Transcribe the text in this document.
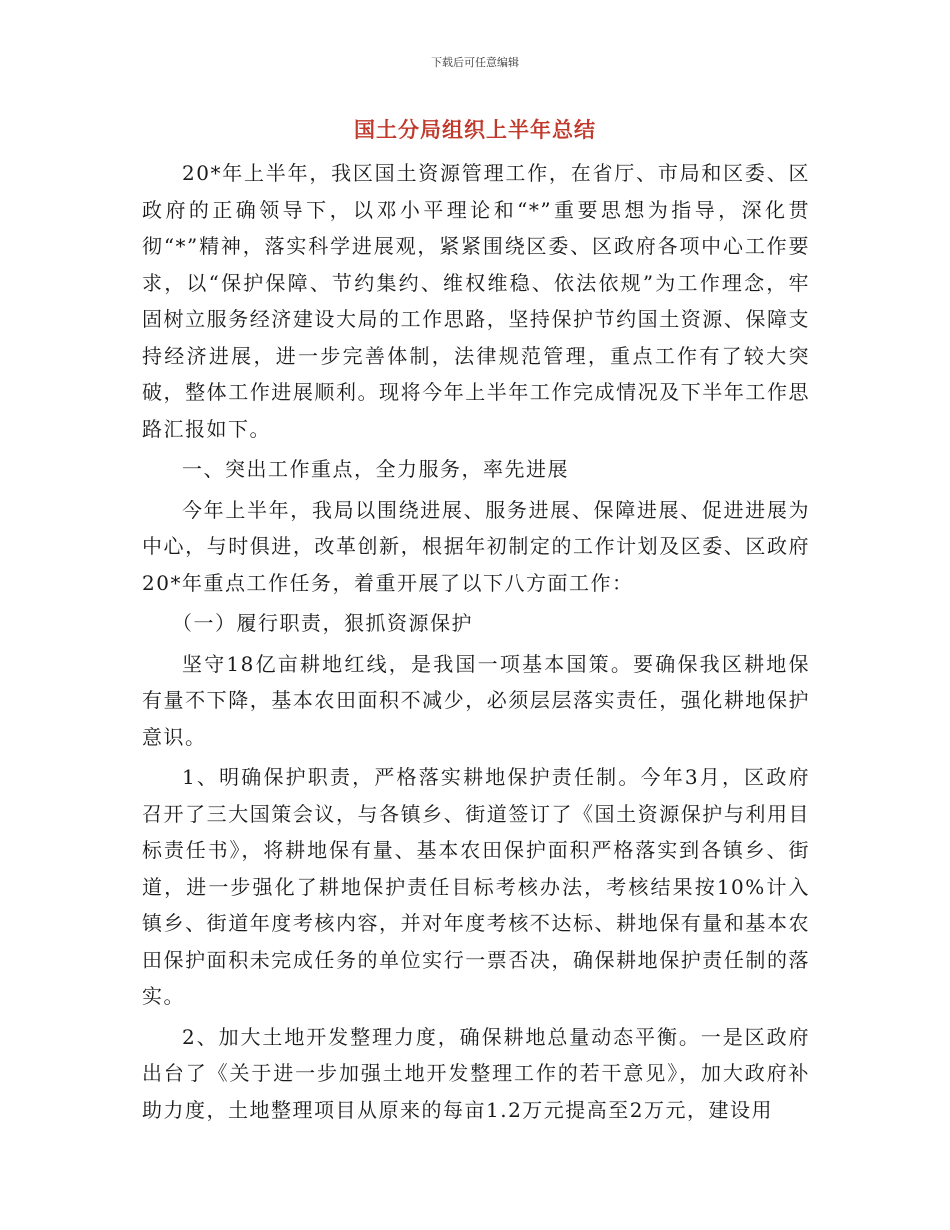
下载后可任意编辑
国土分局组织上半年总结

20*年上半年，我区国土资源管理工作，在省厅、市局和区委、区政府的正确领导下，以邓小平理论和“*”重要思想为指导，深化贯彻“*”精神，落实科学进展观，紧紧围绕区委、区政府各项中心工作要求，以“保护保障、节约集约、维权维稳、依法依规”为工作理念，牢固树立服务经济建设大局的工作思路，坚持保护节约国土资源、保障支持经济进展，进一步完善体制，法律规范管理，重点工作有了较大突破，整体工作进展顺利。现将今年上半年工作完成情况及下半年工作思路汇报如下。

一、突出工作重点，全力服务，率先进展

今年上半年，我局以围绕进展、服务进展、保障进展、促进进展为中心，与时俱进，改革创新，根据年初制定的工作计划及区委、区政府20*年重点工作任务，着重开展了以下八方面工作：

（一）履行职责，狠抓资源保护

坚守18亿亩耕地红线，是我国一项基本国策。要确保我区耕地保有量不下降，基本农田面积不减少，必须层层落实责任，强化耕地保护意识。

1、明确保护职责，严格落实耕地保护责任制。今年3月，区政府召开了三大国策会议，与各镇乡、街道签订了《国土资源保护与利用目标责任书》，将耕地保有量、基本农田保护面积严格落实到各镇乡、街道，进一步强化了耕地保护责任目标考核办法，考核结果按10%计入镇乡、街道年度考核内容，并对年度考核不达标、耕地保有量和基本农田保护面积未完成任务的单位实行一票否决，确保耕地保护责任制的落实。

2、加大土地开发整理力度，确保耕地总量动态平衡。一是区政府出台了《关于进一步加强土地开发整理工作的若干意见》，加大政府补助力度，土地整理项目从原来的每亩1.2万元提高至2万元，建设用
